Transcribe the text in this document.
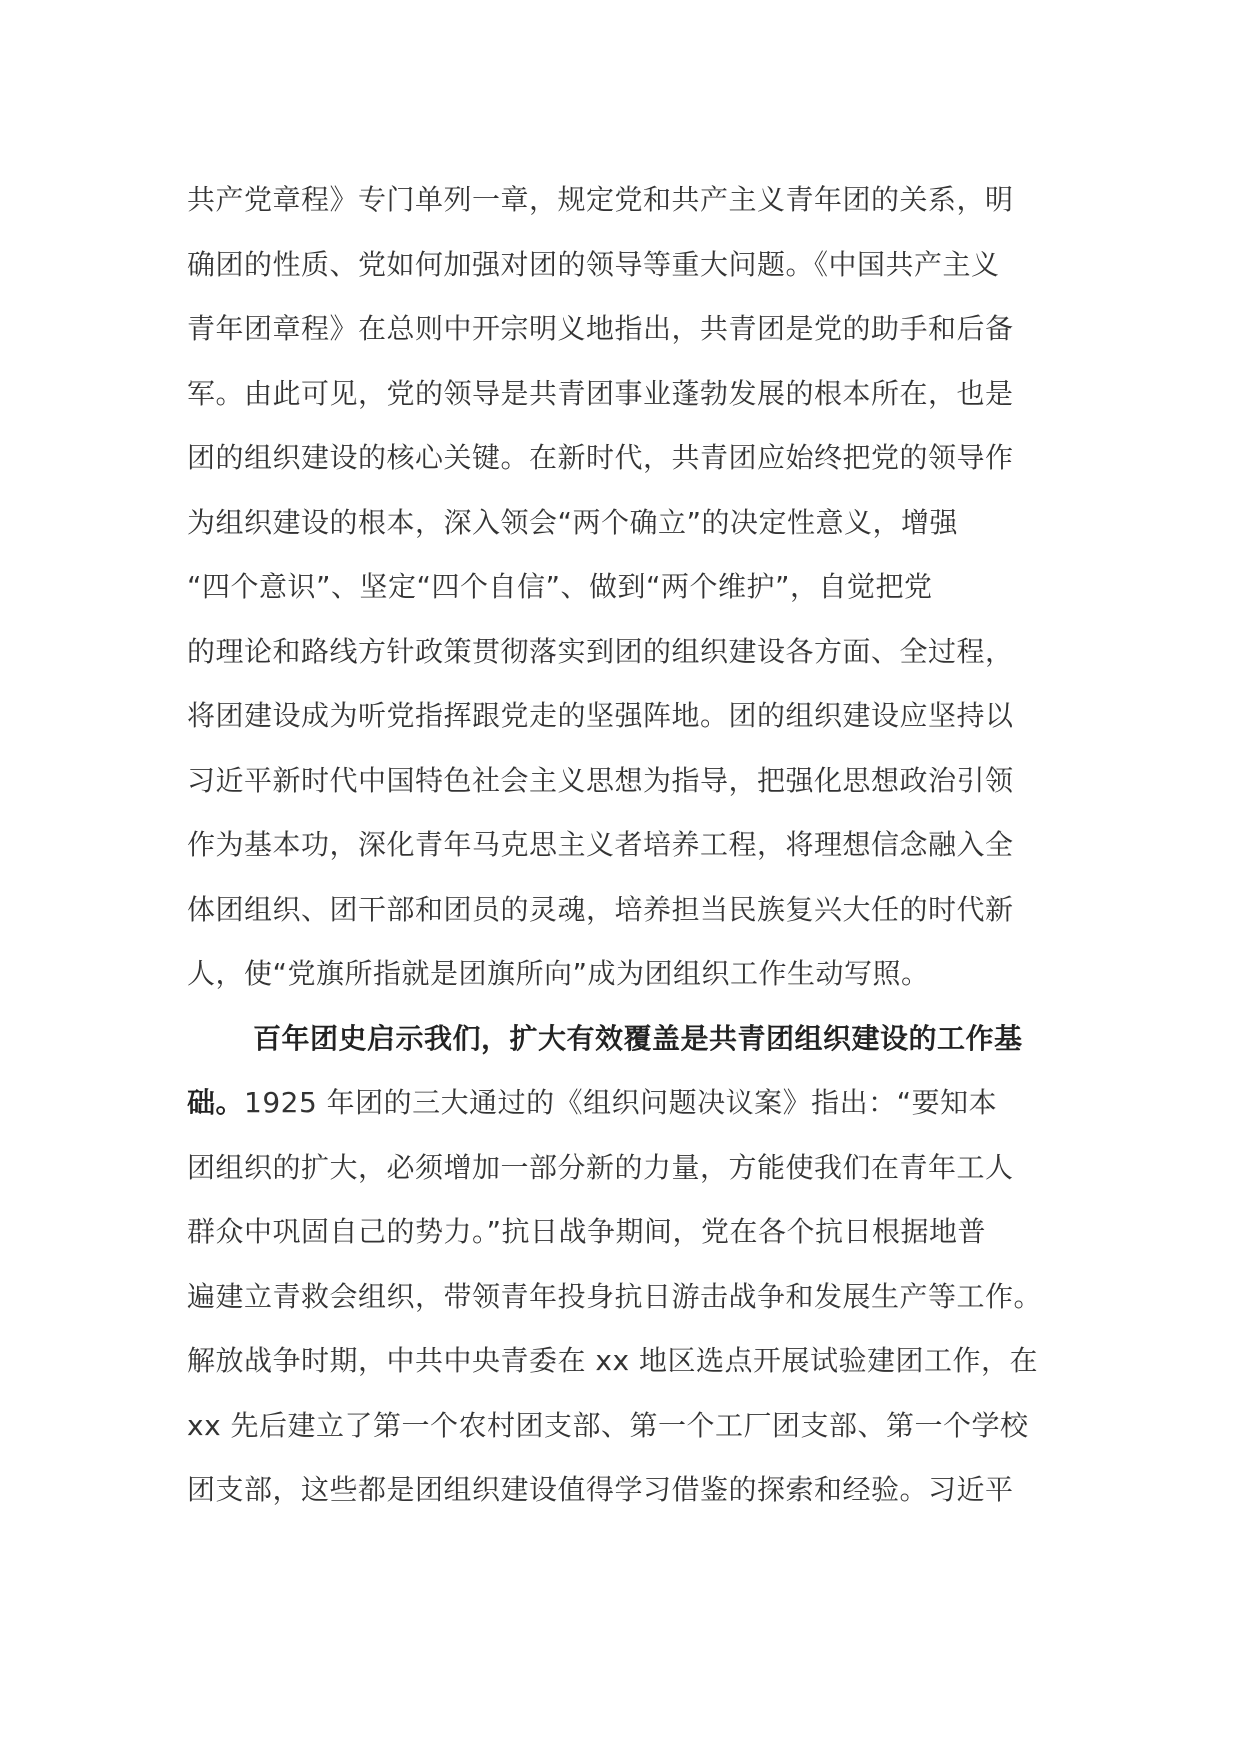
共产党章程》专门单列一章，规定党和共产主义青年团的关系，明
确团的性质、党如何加强对团的领导等重大问题。《中国共产主义
青年团章程》在总则中开宗明义地指出，共青团是党的助手和后备
军。由此可见，党的领导是共青团事业蓬勃发展的根本所在，也是
团的组织建设的核心关键。在新时代，共青团应始终把党的领导作
为组织建设的根本，深入领会“两个确立”的决定性意义，增强
“四个意识”、坚定“四个自信”、做到“两个维护”，自觉把党
的理论和路线方针政策贯彻落实到团的组织建设各方面、全过程，
将团建设成为听党指挥跟党走的坚强阵地。团的组织建设应坚持以
习近平新时代中国特色社会主义思想为指导，把强化思想政治引领
作为基本功，深化青年马克思主义者培养工程，将理想信念融入全
体团组织、团干部和团员的灵魂，培养担当民族复兴大任的时代新
人，使“党旗所指就是团旗所向”成为团组织工作生动写照。
百年团史启示我们，扩大有效覆盖是共青团组织建设的工作基
础。1925 年团的三大通过的《组织问题决议案》指出：“要知本
团组织的扩大，必须增加一部分新的力量，方能使我们在青年工人
群众中巩固自己的势力。”抗日战争期间，党在各个抗日根据地普
遍建立青救会组织，带领青年投身抗日游击战争和发展生产等工作。
解放战争时期，中共中央青委在 xx 地区选点开展试验建团工作，在
xx 先后建立了第一个农村团支部、第一个工厂团支部、第一个学校
团支部，这些都是团组织建设值得学习借鉴的探索和经验。习近平
